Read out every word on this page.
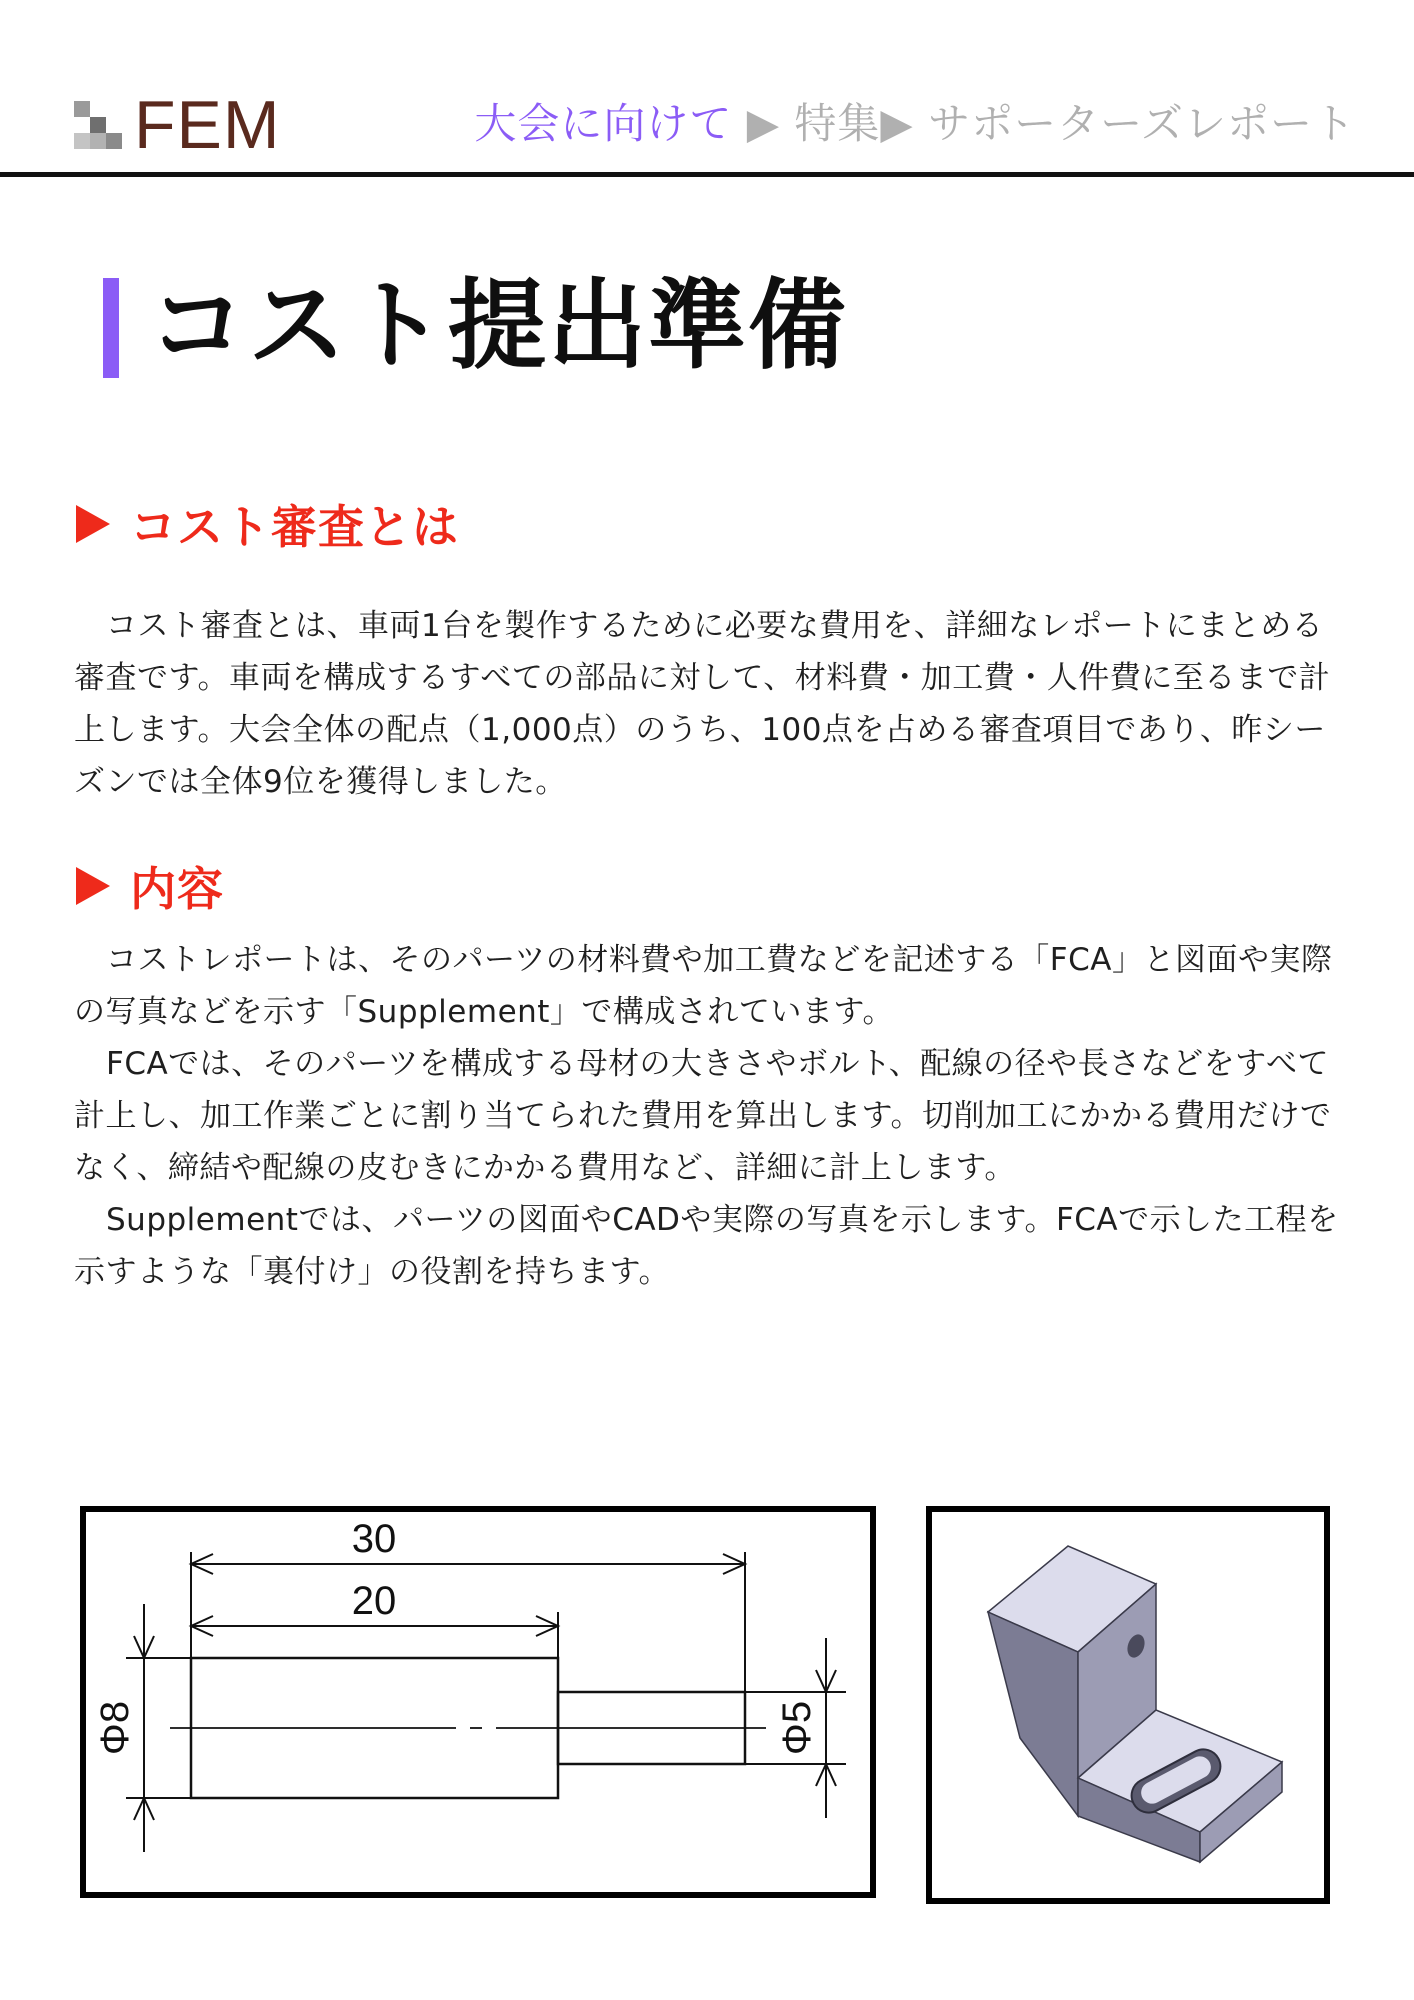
FEM	大会に向けて ▶ 特集▶ サポーターズレポート
コスト提出準備
コスト審査とは

コスト審査とは、車両1台を製作するために必要な費用を、詳細なレポートにまとめる審査です。車両を構成するすべての部品に対して、材料費・加工費・人件費に至るまで計上します。大会全体の配点（1,000点）のうち、100点を占める審査項目であり、昨シーズンでは全体9位を獲得しました。

内容

コストレポートは、そのパーツの材料費や加工費などを記述する「FCA」と図面や実際の写真などを示す「Supplement」で構成されています。

FCAでは、そのパーツを構成する母材の大きさやボルト、配線の径や長さなどをすべて計上し、加工作業ごとに割り当てられた費用を算出します。切削加工にかかる費用だけでなく、締結や配線の皮むきにかかる費用など、詳細に計上します。

Supplementでは、パーツの図面やCADや実際の写真を示します。FCAで示した工程を示すような「裏付け」の役割を持ちます。

30
20
Φ8	Φ5
